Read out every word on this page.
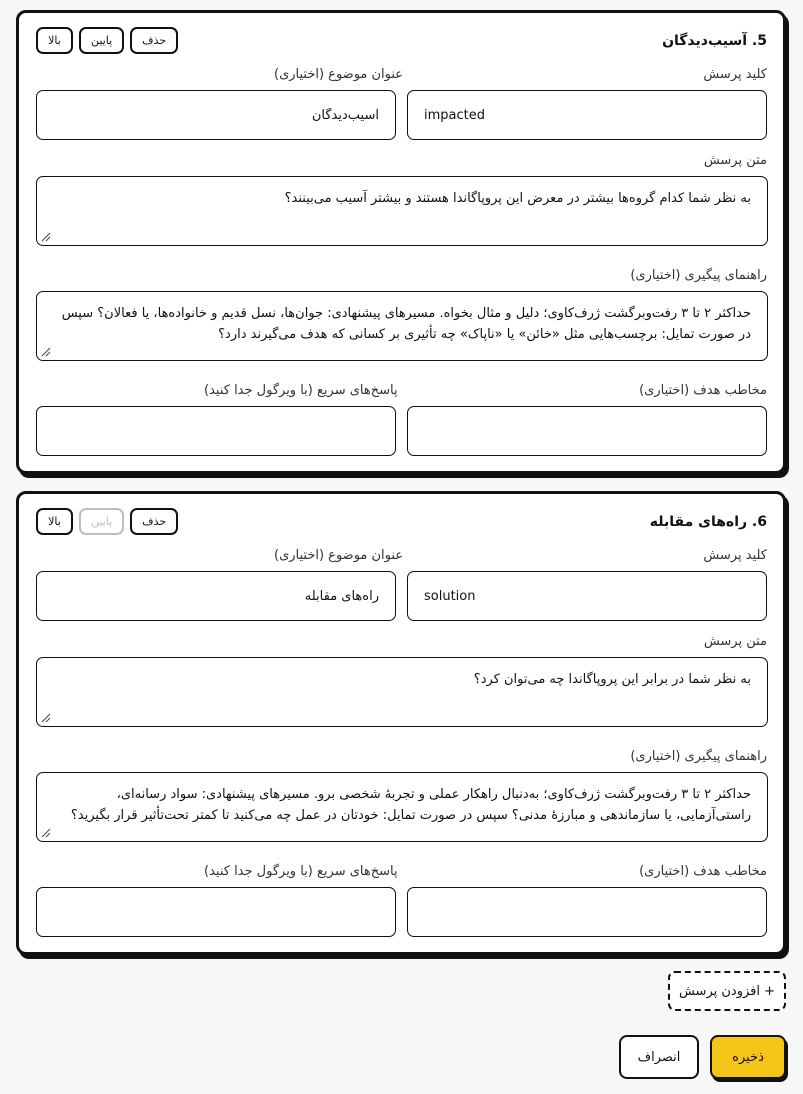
5. آسیب‌دیدگان
بالا	پایین	حذف
کلید پرسش
عنوان موضوع (اختیاری)
impacted
آسیب‌دیدگان
متن پرسش
به نظر شما کدام گروه‌ها بیشتر در معرض این پروپاگاندا هستند و بیشتر آسیب می‌بینند؟
راهنمای پیگیری (اختیاری)
حداکثر ۲ تا ۳ رفت‌وبرگشت ژرف‌کاوی؛ دلیل و مثال بخواه. مسیرهای پیشنهادی: جوان‌ها، نسل قدیم و خانواده‌ها، یا فعالان؟ سپس در صورت تمایل: برچسب‌هایی مثل «خائن» یا «ناپاک» چه تأثیری بر کسانی که هدف می‌گیرند دارد؟
مخاطب هدف (اختیاری)
پاسخ‌های سریع (با ویرگول جدا کنید)
6. راه‌های مقابله
بالا	پایین	حذف
کلید پرسش
عنوان موضوع (اختیاری)
solution
راه‌های مقابله
متن پرسش
به نظر شما در برابر این پروپاگاندا چه می‌توان کرد؟
راهنمای پیگیری (اختیاری)
حداکثر ۲ تا ۳ رفت‌وبرگشت ژرف‌کاوی؛ به‌دنبال راهکار عملی و تجربهٔ شخصی برو. مسیرهای پیشنهادی: سواد رسانه‌ای، راستی‌آزمایی، یا سازماندهی و مبارزهٔ مدنی؟ سپس در صورت تمایل: خودتان در عمل چه می‌کنید تا کمتر تحت‌تأثیر قرار بگیرید؟
مخاطب هدف (اختیاری)
پاسخ‌های سریع (با ویرگول جدا کنید)
+ افزودن پرسش
ذخیره
انصراف
